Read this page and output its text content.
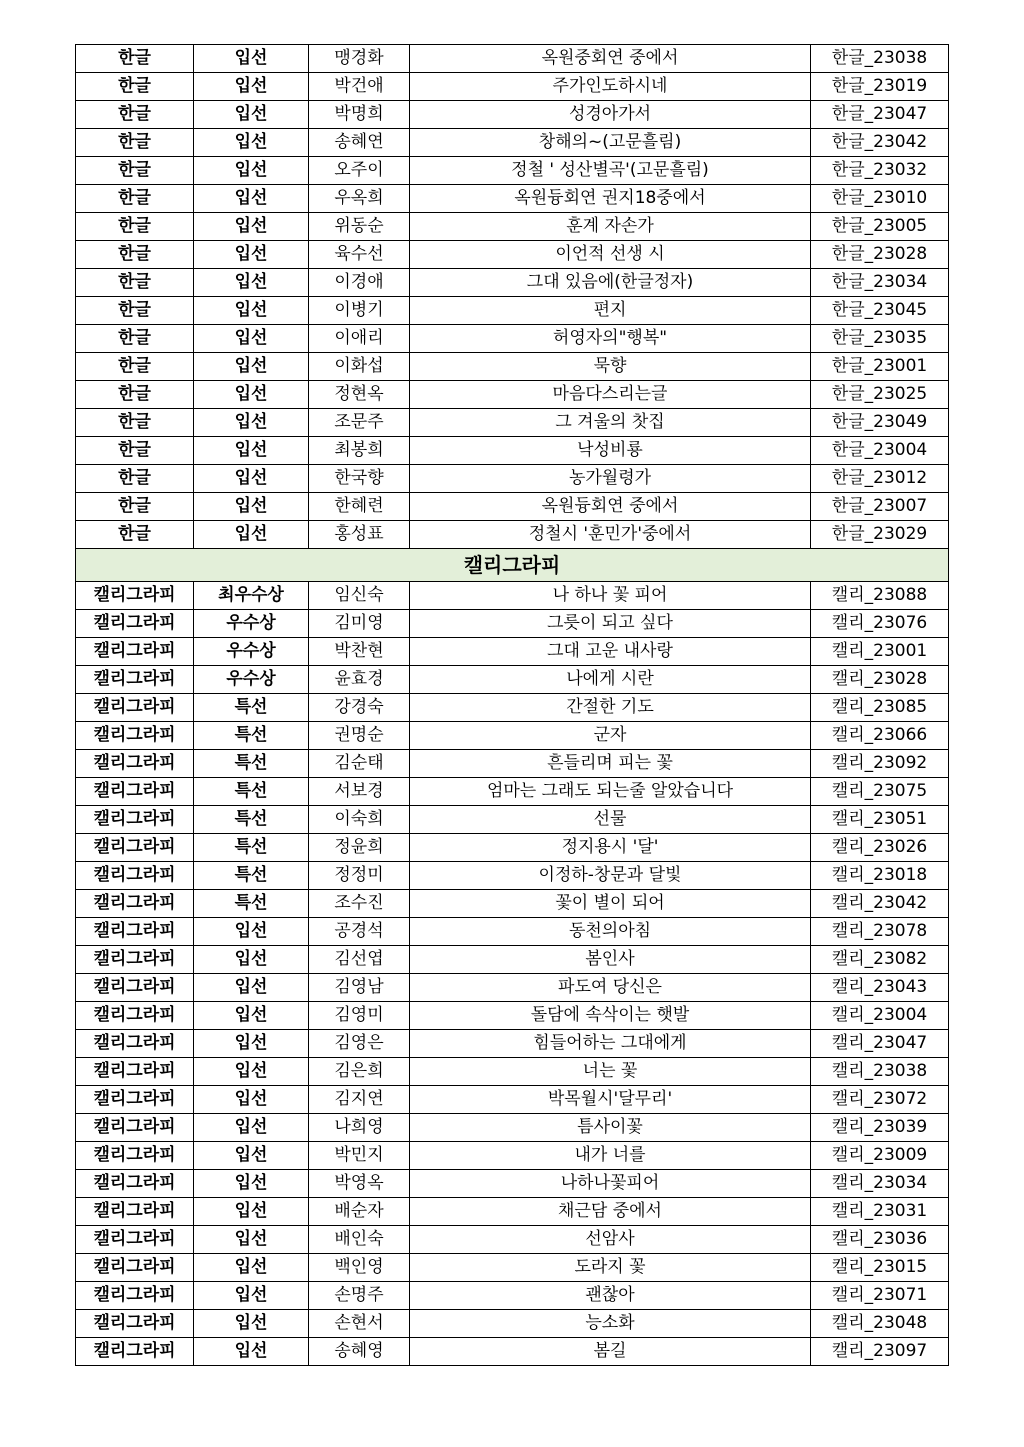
한글	입선	맹경화	옥원중회연 중에서	한글_23038
한글	입선	박건애	주가인도하시네	한글_23019
한글	입선	박명희	성경아가서	한글_23047
한글	입선	송혜연	창해의~(고문흘림)	한글_23042
한글	입선	오주이	정철 ' 성산별곡'(고문흘림)	한글_23032
한글	입선	우옥희	옥원듕회연 권지18중에서	한글_23010
한글	입선	위동순	훈계 자손가	한글_23005
한글	입선	육수선	이언적 선생 시	한글_23028
한글	입선	이경애	그대 있음에(한글정자)	한글_23034
한글	입선	이병기	편지	한글_23045
한글	입선	이애리	허영자의"행복"	한글_23035
한글	입선	이화섭	묵향	한글_23001
한글	입선	정현옥	마음다스리는글	한글_23025
한글	입선	조문주	그 겨울의 찻집	한글_23049
한글	입선	최봉희	낙성비룡	한글_23004
한글	입선	한국향	농가월령가	한글_23012
한글	입선	한혜련	옥원듕회연 중에서	한글_23007
한글	입선	홍성표	정철시 '훈민가'중에서	한글_23029
캘리그라피				
캘리그라피	최우수상	임신숙	나 하나 꽃 피어	캘리_23088
캘리그라피	우수상	김미영	그릇이 되고 싶다	캘리_23076
캘리그라피	우수상	박찬현	그대 고운 내사랑	캘리_23001
캘리그라피	우수상	윤효경	나에게 시란	캘리_23028
캘리그라피	특선	강경숙	간절한 기도	캘리_23085
캘리그라피	특선	권명순	군자	캘리_23066
캘리그라피	특선	김순태	흔들리며 피는 꽃	캘리_23092
캘리그라피	특선	서보경	엄마는 그래도 되는줄 알았습니다	캘리_23075
캘리그라피	특선	이숙희	선물	캘리_23051
캘리그라피	특선	정윤희	정지용시 '달'	캘리_23026
캘리그라피	특선	정정미	이정하-창문과 달빛	캘리_23018
캘리그라피	특선	조수진	꽃이 별이 되어	캘리_23042
캘리그라피	입선	공경석	동천의아침	캘리_23078
캘리그라피	입선	김선엽	봄인사	캘리_23082
캘리그라피	입선	김영남	파도여 당신은	캘리_23043
캘리그라피	입선	김영미	돌담에 속삭이는 햇발	캘리_23004
캘리그라피	입선	김영은	힘들어하는 그대에게	캘리_23047
캘리그라피	입선	김은희	너는 꽃	캘리_23038
캘리그라피	입선	김지연	박목월시'달무리'	캘리_23072
캘리그라피	입선	나희영	틈사이꽃	캘리_23039
캘리그라피	입선	박민지	내가 너를	캘리_23009
캘리그라피	입선	박영옥	나하나꽃피어	캘리_23034
캘리그라피	입선	배순자	채근담 중에서	캘리_23031
캘리그라피	입선	배인숙	선암사	캘리_23036
캘리그라피	입선	백인영	도라지 꽃	캘리_23015
캘리그라피	입선	손명주	괜찮아	캘리_23071
캘리그라피	입선	손현서	능소화	캘리_23048
캘리그라피	입선	송혜영	봄길	캘리_23097
